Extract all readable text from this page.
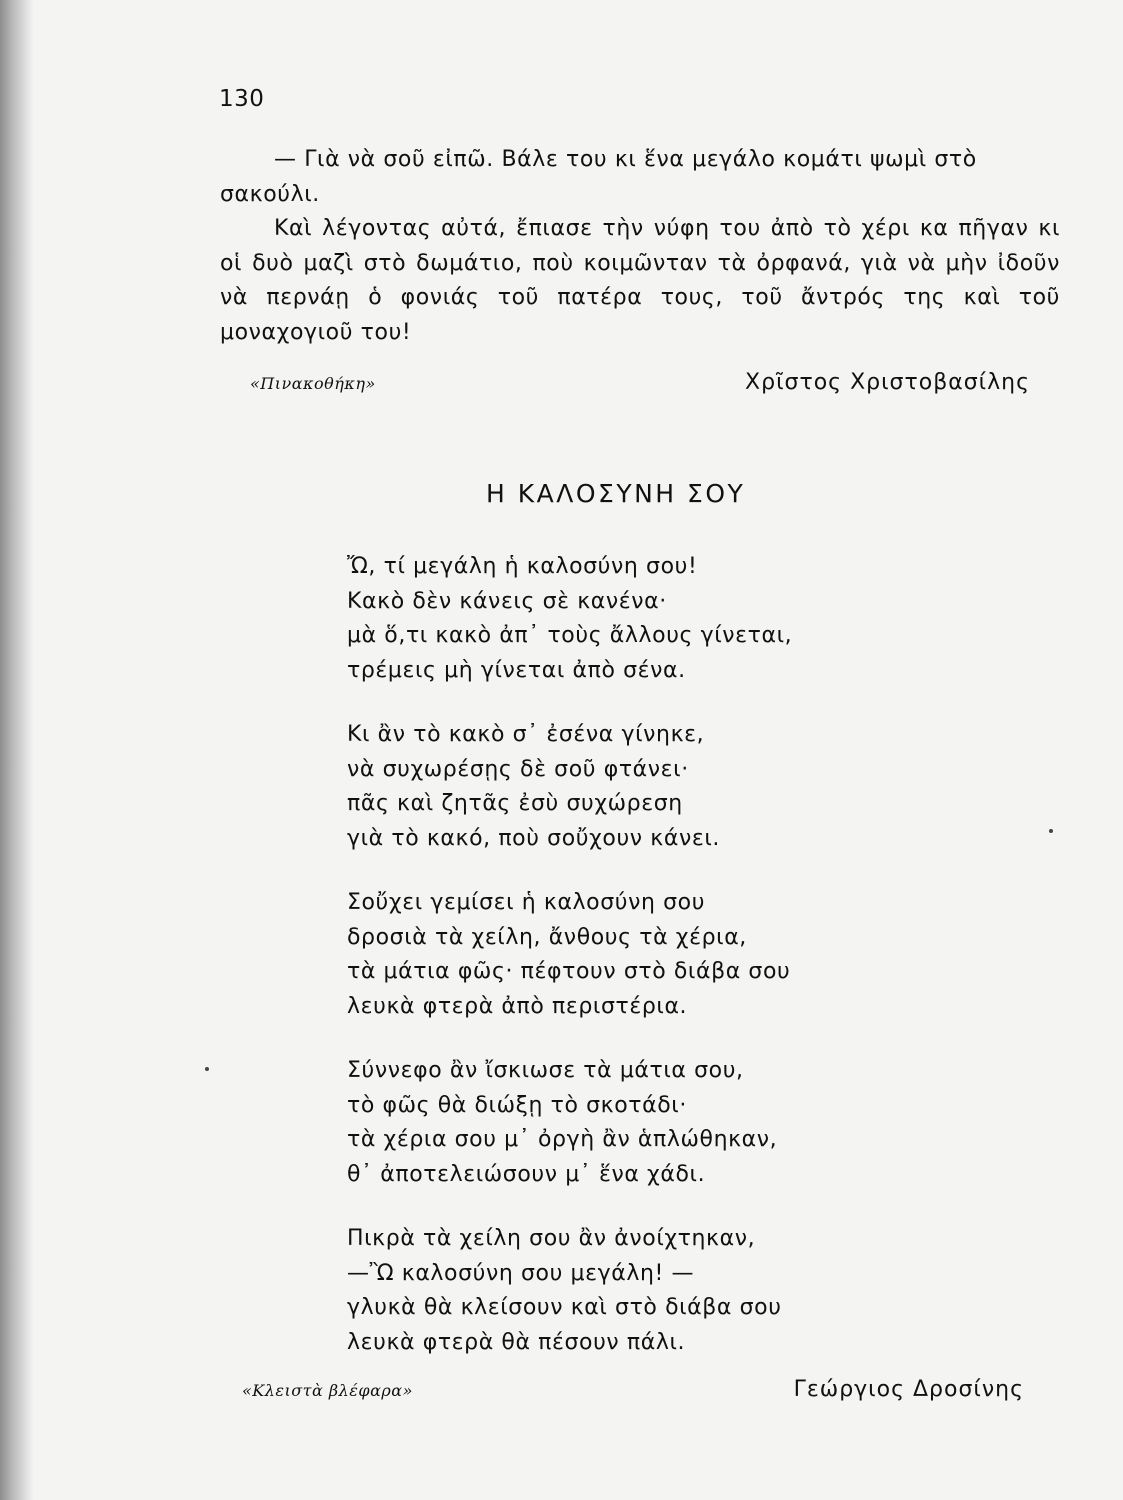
130

— Γιὰ νὰ σοῦ εἰπῶ. Βάλε του κι ἕνα μεγάλο κομάτι ψωμὶ στὸ σακούλι.

Καὶ λέγοντας αὐτά, ἔπιασε τὴν νύφη του ἀπὸ τὸ χέρι κα πῆγαν κι οἱ δυὸ μαζὶ στὸ δωμάτιο, ποὺ κοιμῶνταν τὰ ὀρφανά, γιὰ νὰ μὴν ἰδοῦν νὰ περνάῃ ὁ φονιάς τοῦ πατέρα τους, τοῦ ἄντρός της καὶ τοῦ μοναχογιοῦ του!

«Πινακοθήκη»	Χρῖστος Χριστοβασίλης
Η ΚΑΛΟΣΥΝΗ ΣΟΥ
Ὤ, τί μεγάλη ἡ καλοσύνη σου!
Κακὸ δὲν κάνεις σὲ κανένα·
μὰ ὅ,τι κακὸ ἀπ᾿ τοὺς ἄλλους γίνεται,
τρέμεις μὴ γίνεται ἀπὸ σένα.
Κι ἂν τὸ κακὸ σ᾿ ἐσένα γίνηκε,
νὰ συχωρέσῃς δὲ σοῦ φτάνει·
πᾶς καὶ ζητᾶς ἐσὺ συχώρεση
γιὰ τὸ κακό, ποὺ σοὔχουν κάνει.
Σοὔχει γεμίσει ἡ καλοσύνη σου
δροσιὰ τὰ χείλη, ἄνθους τὰ χέρια,
τὰ μάτια φῶς· πέφτουν στὸ διάβα σου
λευκὰ φτερὰ ἀπὸ περιστέρια.
Σύννεφο ἂν ἴσκιωσε τὰ μάτια σου,
τὸ φῶς θὰ διώξῃ τὸ σκοτάδι·
τὰ χέρια σου μ᾿ ὀργὴ ἂν ἁπλώθηκαν,
θ᾿ ἀποτελειώσουν μ᾿ ἕνα χάδι.
Πικρὰ τὰ χείλη σου ἂν ἀνοίχτηκαν,
—Ὢ καλοσύνη σου μεγάλη! —
γλυκὰ θὰ κλείσουν καὶ στὸ διάβα σου
λευκὰ φτερὰ θὰ πέσουν πάλι.
«Κλειστὰ βλέφαρα»	Γεώργιος Δροσίνης
